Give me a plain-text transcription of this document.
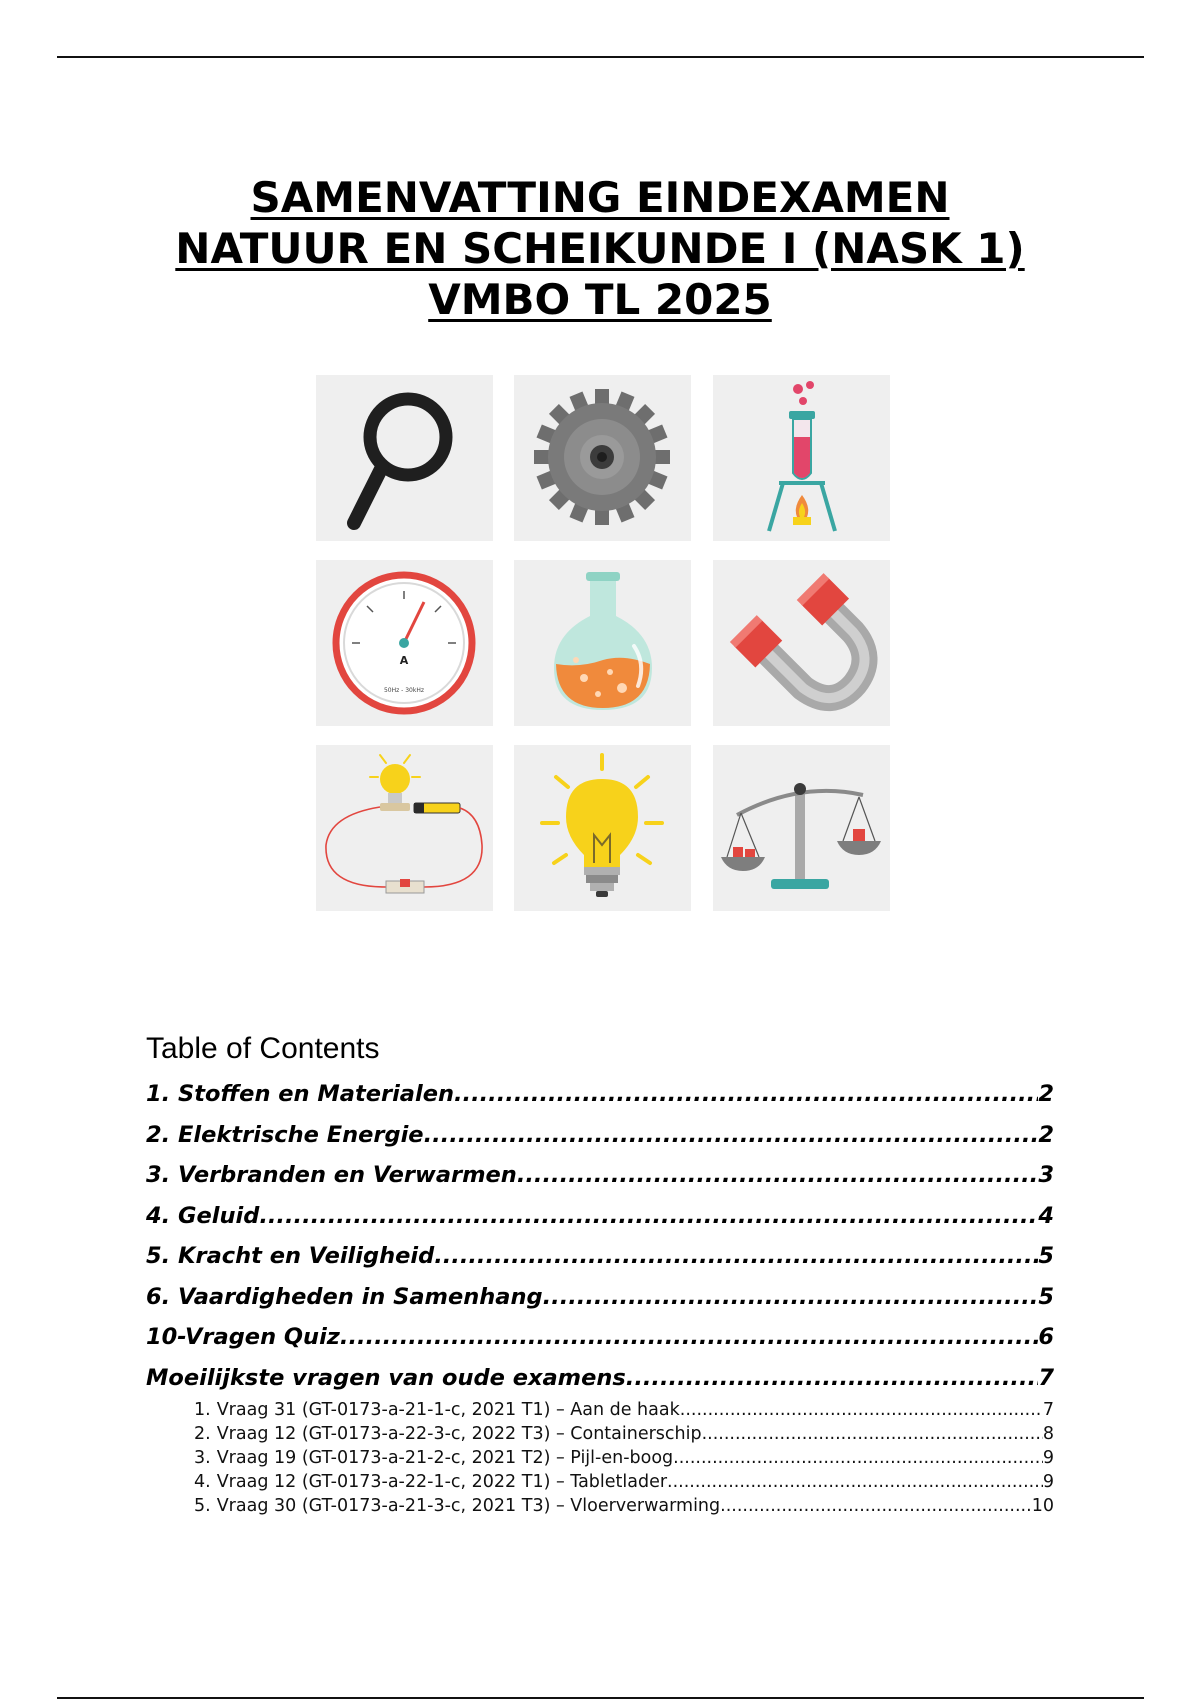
SAMENVATTING EINDEXAMEN
NATUUR EN SCHEIKUNDE I (NASK 1)
VMBO TL 2025
A
50Hz - 30kHz
Table of Contents
1. Stoffen en Materialen .....	2
2. Elektrische Energie .....	2
3. Verbranden en Verwarmen .....	3
4. Geluid .....	4
5. Kracht en Veiligheid .....	5
6. Vaardigheden in Samenhang .....	5
10-Vragen Quiz .....	6
Moeilijkste vragen van oude examens .....	7
1. Vraag 31 (GT-0173-a-21-1-c, 2021 T1) – Aan de haak .....	7
2. Vraag 12 (GT-0173-a-22-3-c, 2022 T3) – Containerschip .....	8
3. Vraag 19 (GT-0173-a-21-2-c, 2021 T2) – Pijl-en-boog .....	9
4. Vraag 12 (GT-0173-a-22-1-c, 2022 T1) – Tabletlader .....	9
5. Vraag 30 (GT-0173-a-21-3-c, 2021 T3) – Vloerverwarming .....	10
